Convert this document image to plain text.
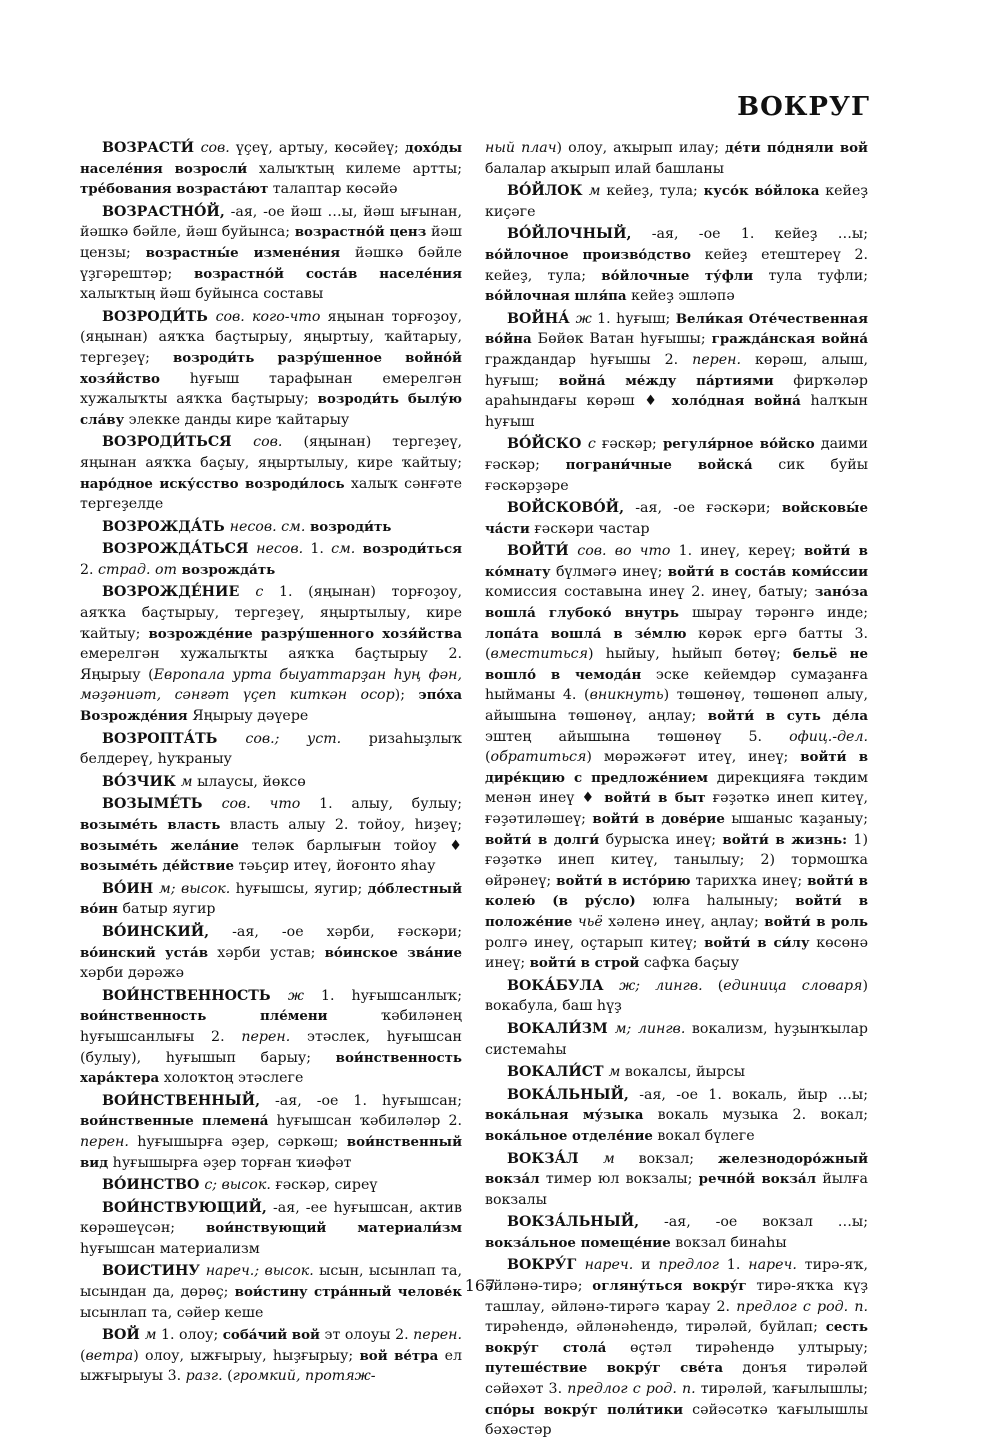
ВОКРУГ

ВОЗРАСТИ́ сов. үҫеү, артыу, көсәйеү; дохо́ды населе́ния возросли́ халыҡтың килеме артты; тре́бования возраста́ют талаптар көсәйә

ВОЗРАСТНО́Й, -ая, -ое йәш …ы, йәш ығынан, йәшкә бәйле, йәш буйынса; возрастно́й ценз йәш цензы; возрастны́е измене́ния йәшкә бәйле үҙгәрештәр; возрастно́й соста́в населе́ния халыҡтың йәш буйынса составы

ВОЗРОДИ́ТЬ сов. кого-что яңынан торғоҙоу, (яңынан) аяҡҡа баҫтырыу, яңыртыу, ҡайтарыу, тергеҙеү; возроди́ть разру́шенное войно́й хозя́йство һуғыш тарафынан емерелгән хужалыҡты аяҡҡа баҫтырыу; возроди́ть былу́ю сла́ву элекке данды кире ҡайтарыу

ВОЗРОДИ́ТЬСЯ сов. (яңынан) тергеҙеү, яңынан аяҡҡа баҫыу, яңыртылыу, кире ҡайтыу; наро́дное иску́сство возроди́лось халыҡ сәнғәте тергеҙелде

ВОЗРОЖДА́ТЬ несов. см. возроди́ть

ВОЗРОЖДА́ТЬСЯ несов. 1. см. возроди́ться 2. страд. от возрожда́ть

ВОЗРОЖДЕ́НИЕ с 1. (яңынан) торғоҙоу, аяҡҡа баҫтырыу, тергеҙеү, яңыртылыу, кире ҡайтыу; возрожде́ние разру́шенного хозя́йства емерелгән хужалыҡты аяҡҡа баҫтырыу 2. Яңырыу (Европала урта быуаттарҙан һуң фән, мәҙәниәт, сәнғәт үҫеп киткән осор); эпо́ха Возрожде́ния Яңырыу дәүере

ВОЗРОПТА́ТЬ сов.; уст. ризаһыҙлыҡ белдереү, һуҡраныу

ВО́ЗЧИК м ылаусы, йөксө

ВОЗЫМЕ́ТЬ сов. что 1. алыу, булыу; возыме́ть власть власть алыу 2. тойоу, һиҙеү; возыме́ть жела́ние теләк барлығын тойоу ♦ возыме́ть де́йствие тәьҫир итеү, йоғонто яһау

ВО́ИН м; высок. һуғышсы, яугир; до́блестный во́ин батыр яугир

ВО́ИНСКИЙ, -ая, -ое хәрби, ғәскәри; во́инский уста́в хәрби устав; во́инское зва́ние хәрби дәрәжә

ВОИ́НСТВЕННОСТЬ ж 1. һуғышсанлыҡ; вои́нственность пле́мени ҡәбиләнең һуғышсанлығы 2. перен. этәслек, һуғышсан (булыу), һуғышып барыу; вои́нственность хара́ктера холоҡтоң этәслеге

ВОИ́НСТВЕННЫЙ, -ая, -ое 1. һуғышсан; вои́нственные племена́ һуғышсан ҡәбиләләр 2. перен. һуғышырға әҙер, сәркәш; вои́нственный вид һуғышырға әҙер торған ҡиәфәт

ВО́ИНСТВО с; высок. ғәскәр, сиреү

ВОИ́НСТВУЮЩИЙ, -ая, -ее һуғышсан, актив көрәшеүсән; вои́нствующий материали́зм һуғышсан материализм

ВОИСТИНУ нареч.; высок. ысын, ысынлап та, ысындан да, дөрөҫ; вои́стину стра́нный челове́к ысынлап та, сәйер кеше

ВОЙ м 1. олоу; соба́чий вой эт олоуы 2. перен. (ветра) олоу, ыжғырыу, һыҙғырыу; вой ве́тра ел ыжғырыуы 3. разг. (громкий, протяж-

ный плач) олоу, аҡырып илау; де́ти по́дняли вой балалар аҡырып илай башланы

ВО́ЙЛОК м кейеҙ, тула; кусо́к во́йлока кейеҙ киҫәге

ВО́ЙЛОЧНЫЙ, -ая, -ое 1. кейеҙ …ы; во́йлочное произво́дство кейеҙ етештереү 2. кейеҙ, тула; во́йлочные ту́фли тула туфли; во́йлочная шля́па кейеҙ эшләпә

ВОЙНА́ ж 1. һуғыш; Вели́кая Оте́чественная во́йна Бөйөк Ватан һуғышы; гражда́нская война́ граждандар һуғышы 2. перен. көрәш, алыш, һуғыш; война́ ме́жду па́ртиями фирҡәләр араһындағы көрәш ♦ холо́дная война́ һалҡын һуғыш

ВО́ЙСКО с ғәскәр; регуля́рное во́йско даими ғәскәр; пограни́чные войска́ сик буйы ғәскәрҙәре

ВОЙСКОВО́Й, -ая, -ое ғәскәри; войсковы́е ча́сти ғәскәри частар

ВОЙТИ́ сов. во что 1. инеү, кереү; войти́ в ко́мнату бүлмәгә инеү; войти́ в соста́в коми́ссии комиссия составына инеү 2. инеү, батыу; зано́за вошла́ глубоко́ внутрь шырау тәрәнгә инде; лопа́та вошла́ в зе́млю көрәк ергә батты 3. (вместиться) һыйыу, һыйып бөтөү; бельё не вошло́ в чемода́н эске кейемдәр сумаҙанға һыйманы 4. (вникнуть) төшөнөү, төшөнөп алыу, айышына төшөнөү, аңлау; войти́ в суть де́ла эштең айышына төшөнөү 5. офиц.-дел. (обратиться) мөрәжәғәт итеү, инеү; войти́ в дире́кцию с предложе́нием дирекцияға тәкдим менән инеү ♦ войти́ в быт ғәҙәткә инеп китеү, ғәҙәтиләшеү; войти́ в дове́рие ышаныс ҡаҙаныу; войти́ в долги́ бурысҡа инеү; войти́ в жизнь: 1) ғәҙәткә инеп китеү, танылыу; 2) тормошҡа өйрәнеү; войти́ в исто́рию тарихҡа инеү; войти́ в колею́ (в ру́сло) юлға һалыныу; войти́ в положе́ние чьё хәленә инеү, аңлау; войти́ в роль ролгә инеү, оҫтарып китеү; войти́ в си́лу көсөнә инеү; войти́ в строй сафҡа баҫыу

ВОКА́БУЛА ж; лингв. (единица словаря) вокабула, баш һүҙ

ВОКАЛИ́ЗМ м; лингв. вокализм, һуҙынҡылар системаһы

ВОКАЛИ́СТ м вокалсы, йырсы

ВОКА́ЛЬНЫЙ, -ая, -ое 1. вокаль, йыр …ы; вока́льная му́зыка вокаль музыка 2. вокал; вока́льное отделе́ние вокал бүлеге

ВОКЗА́Л м вокзал; железнодоро́жный вокза́л тимер юл вокзалы; речно́й вокза́л йылға вокзалы

ВОКЗА́ЛЬНЫЙ, -ая, -ое вокзал …ы; вокза́льное помеще́ние вокзал бинаһы

ВОКРУ́Г нареч. и предлог 1. нареч. тирә-яҡ, әйләнә-тирә; огляну́ться вокру́г тирә-яҡҡа күҙ ташлау, әйләнә-тирәгә ҡарау 2. предлог с род. п. тирәһендә, әйләнәһендә, тирәләй, буйлап; сесть вокру́г стола́ өҫтәл тирәһендә ултырыу; путеше́ствие вокру́г све́та донъя тирәләй сәйәхәт 3. предлог с род. п. тирәләй, ҡағылышлы; спо́ры вокру́г поли́тики сәйәсәткә ҡағылышлы бәхәстәр

167
